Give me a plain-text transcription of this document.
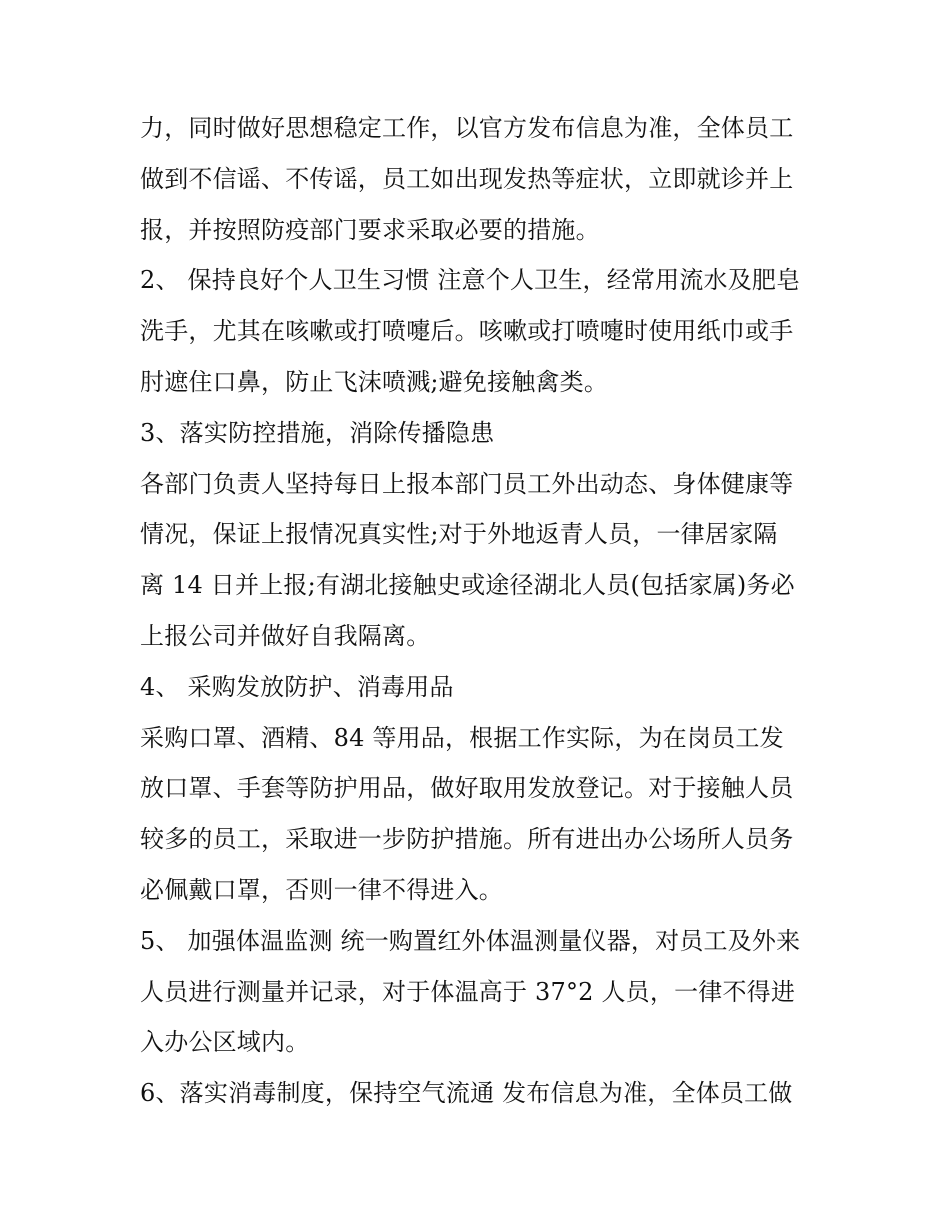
力，同时做好思想稳定工作，以官方发布信息为准，全体员工
做到不信谣、不传谣，员工如出现发热等症状，立即就诊并上
报，并按照防疫部门要求采取必要的措施。
2、 保持良好个人卫生习惯 注意个人卫生，经常用流水及肥皂
洗手，尤其在咳嗽或打喷嚏后。咳嗽或打喷嚏时使用纸巾或手
肘遮住口鼻，防止飞沫喷溅;避免接触禽类。
3、落实防控措施，消除传播隐患
各部门负责人坚持每日上报本部门员工外出动态、身体健康等
情况，保证上报情况真实性;对于外地返青人员，一律居家隔
离 14 日并上报;有湖北接触史或途径湖北人员(包括家属)务必
上报公司并做好自我隔离。
4、 采购发放防护、消毒用品
采购口罩、酒精、84 等用品，根据工作实际，为在岗员工发
放口罩、手套等防护用品，做好取用发放登记。对于接触人员
较多的员工，采取进一步防护措施。所有进出办公场所人员务
必佩戴口罩，否则一律不得进入。
5、 加强体温监测 统一购置红外体温测量仪器，对员工及外来
人员进行测量并记录，对于体温高于 37°2 人员，一律不得进
入办公区域内。
6、落实消毒制度，保持空气流通 发布信息为准，全体员工做
